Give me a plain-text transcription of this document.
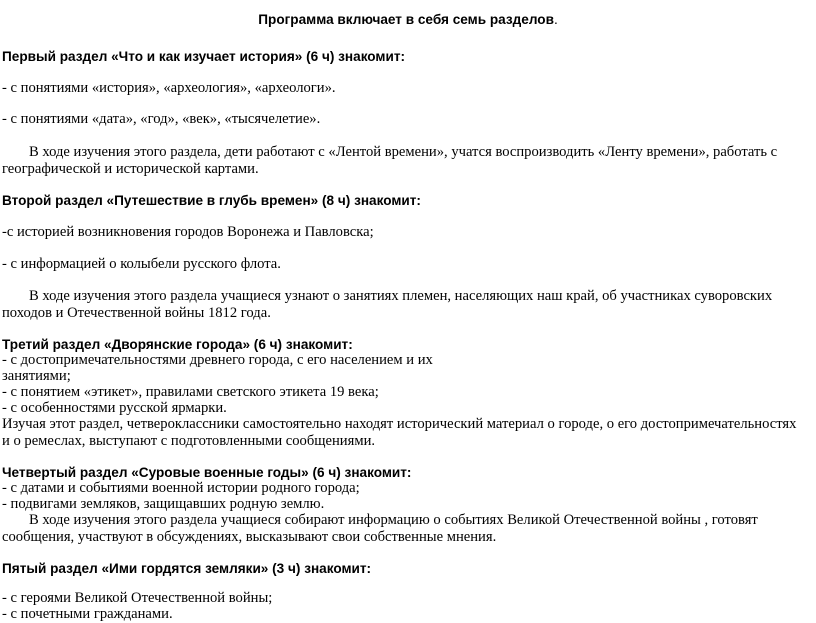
Программа включает в себя семь разделов.
Первый раздел «Что и как изучает история» (6 ч) знакомит:
- с понятиями «история», «археология», «археологи».
- с понятиями «дата», «год», «век», «тысячелетие».
В ходе изучения этого раздела, дети работают с «Лентой времени», учатся воспроизводить «Ленту времени», работать с географической и исторической картами.
Второй раздел «Путешествие в глубь времен» (8 ч) знакомит:
-с историей возникновения городов Воронежа и Павловска;
- с информацией о колыбели русского флота.
В ходе изучения этого раздела учащиеся узнают о занятиях племен, населяющих наш край, об участниках суворовских походов и Отечественной войны 1812 года.
Третий раздел «Дворянские города» (6 ч) знакомит:
- с достопримечательностями древнего города, с его населением и их
занятиями;
- с понятием «этикет», правилами светского этикета 19 века;
- с особенностями русской ярмарки.
Изучая этот раздел, четвероклассники самостоятельно находят исторический материал о городе, о его достопримечательностях и о ремеслах, выступают с подготовленными сообщениями.
Четвертый раздел «Суровые военные годы» (6 ч) знакомит:
- с датами и событиями военной истории родного города;
- подвигами земляков, защищавших родную землю.
В ходе изучения этого раздела учащиеся собирают информацию о событиях Великой Отечественной войны , готовят сообщения, участвуют в обсуждениях, высказывают свои собственные мнения.
Пятый раздел «Ими гордятся земляки» (3 ч) знакомит:
- с героями Великой Отечественной войны;
- с почетными гражданами.
